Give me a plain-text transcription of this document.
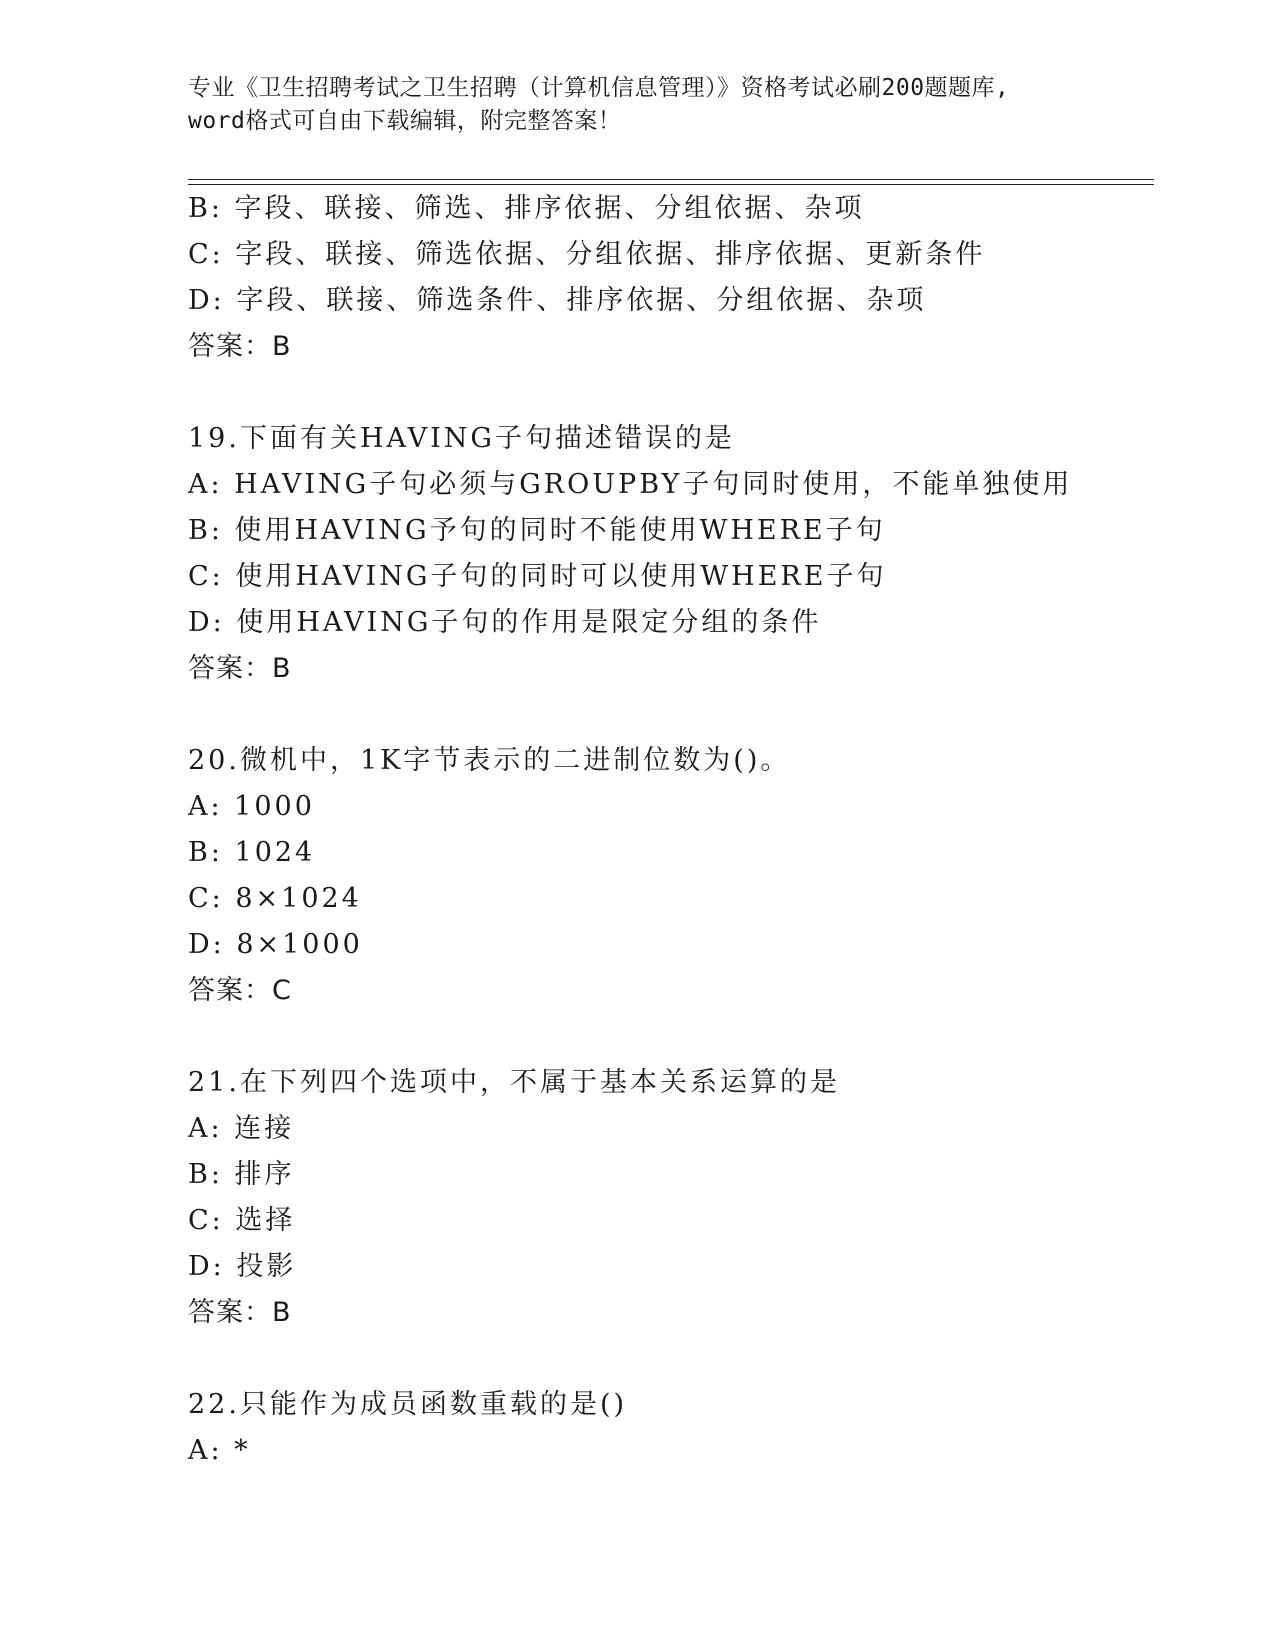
专业《卫生招聘考试之卫生招聘（计算机信息管理）》资格考试必刷200题题库,
word格式可自由下载编辑，附完整答案！
B: 字段、联接、筛选、排序依据、分组依据、杂项
C: 字段、联接、筛选依据、分组依据、排序依据、更新条件
D: 字段、联接、筛选条件、排序依据、分组依据、杂项
答案：B
19.下面有关HAVING子句描述错误的是
A: HAVING子句必须与GROUPBY子句同时使用，不能单独使用
B: 使用HAVING予句的同时不能使用WHERE子句
C: 使用HAVING子句的同时可以使用WHERE子句
D: 使用HAVING子句的作用是限定分组的条件
答案：B
20.微机中，1K字节表示的二进制位数为()。
A: 1000
B: 1024
C: 8×1024
D: 8×1000
答案：C
21.在下列四个选项中，不属于基本关系运算的是
A: 连接
B: 排序
C: 选择
D: 投影
答案：B
22.只能作为成员函数重载的是()
A: *
